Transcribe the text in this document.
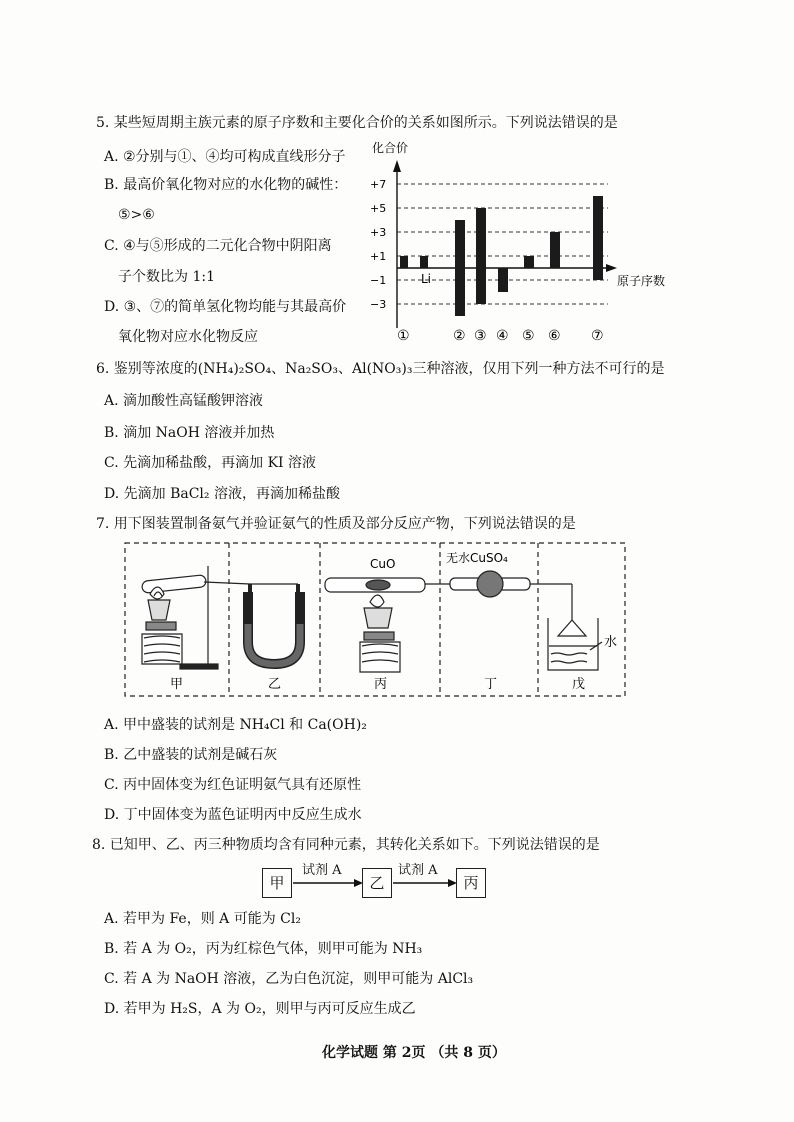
5. 某些短周期主族元素的原子序数和主要化合价的关系如图所示。下列说法错误的是
A. ②分别与①、④均可构成直线形分子
B. 最高价氧化物对应的水化物的碱性：
⑤>⑥
C. ④与⑤形成的二元化合物中阴阳离
子个数比为 1:1
D. ③、⑦的简单氢化物均能与其最高价
氧化物对应水化物反应
化合价
原子序数
Li
+7
+5
+3
+1
−1
−3
①	② ③ ④ ⑤ ⑥ ⑦
6. 鉴别等浓度的(NH₄)₂SO₄、Na₂SO₃、Al(NO₃)₃三种溶液，仅用下列一种方法不可行的是
A. 滴加酸性高锰酸钾溶液
B. 滴加 NaOH 溶液并加热
C. 先滴加稀盐酸，再滴加 KI 溶液
D. 先滴加 BaCl₂ 溶液，再滴加稀盐酸
7. 用下图装置制备氨气并验证氨气的性质及部分反应产物，下列说法错误的是
CuO	无水CuSO₄
水
甲	乙	丙	丁	戊
A. 甲中盛装的试剂是 NH₄Cl 和 Ca(OH)₂
B. 乙中盛装的试剂是碱石灰
C. 丙中固体变为红色证明氨气具有还原性
D. 丁中固体变为蓝色证明丙中反应生成水
8. 已知甲、乙、丙三种物质均含有同种元素，其转化关系如下。下列说法错误的是
甲	乙	丙
试剂 A	试剂 A
A. 若甲为 Fe，则 A 可能为 Cl₂
B. 若 A 为 O₂，丙为红棕色气体，则甲可能为 NH₃
C. 若 A 为 NaOH 溶液，乙为白色沉淀，则甲可能为 AlCl₃
D. 若甲为 H₂S，A 为 O₂，则甲与丙可反应生成乙
化学试题 第 2页 （共 8 页）
